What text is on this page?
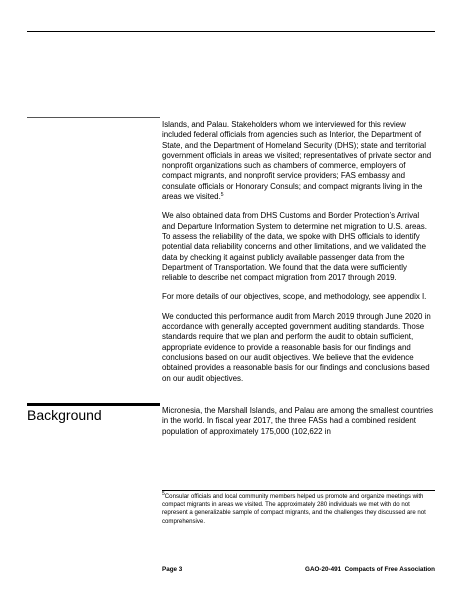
Islands, and Palau. Stakeholders whom we interviewed for this review included federal officials from agencies such as Interior, the Department of State, and the Department of Homeland Security (DHS); state and territorial government officials in areas we visited; representatives of private sector and nonprofit organizations such as chambers of commerce, employers of compact migrants, and nonprofit service providers; FAS embassy and consulate officials or Honorary Consuls; and compact migrants living in the areas we visited.$^5$

We also obtained data from DHS Customs and Border Protection’s Arrival and Departure Information System to determine net migration to U.S. areas. To assess the reliability of the data, we spoke with DHS officials to identify potential data reliability concerns and other limitations, and we validated the data by checking it against publicly available passenger data from the Department of Transportation. We found that the data were sufficiently reliable to describe net compact migration from 2017 through 2019.

For more details of our objectives, scope, and methodology, see appendix I.

We conducted this performance audit from March 2019 through June 2020 in accordance with generally accepted government auditing standards. Those standards require that we plan and perform the audit to obtain sufficient, appropriate evidence to provide a reasonable basis for our findings and conclusions based on our audit objectives. We believe that the evidence obtained provides a reasonable basis for our findings and conclusions based on our audit objectives.

Background	Micronesia, the Marshall Islands, and Palau are among the smallest countries in the world. In fiscal year 2017, the three FASs had a combined resident population of approximately 175,000 (102,622 in

$^5$Consular officials and local community members helped us promote and organize meetings with compact migrants in areas we visited. The approximately 280 individuals we met with do not represent a generalizable sample of compact migrants, and the challenges they discussed are not comprehensive.
Page 3	GAO-20-491  Compacts of Free Association
